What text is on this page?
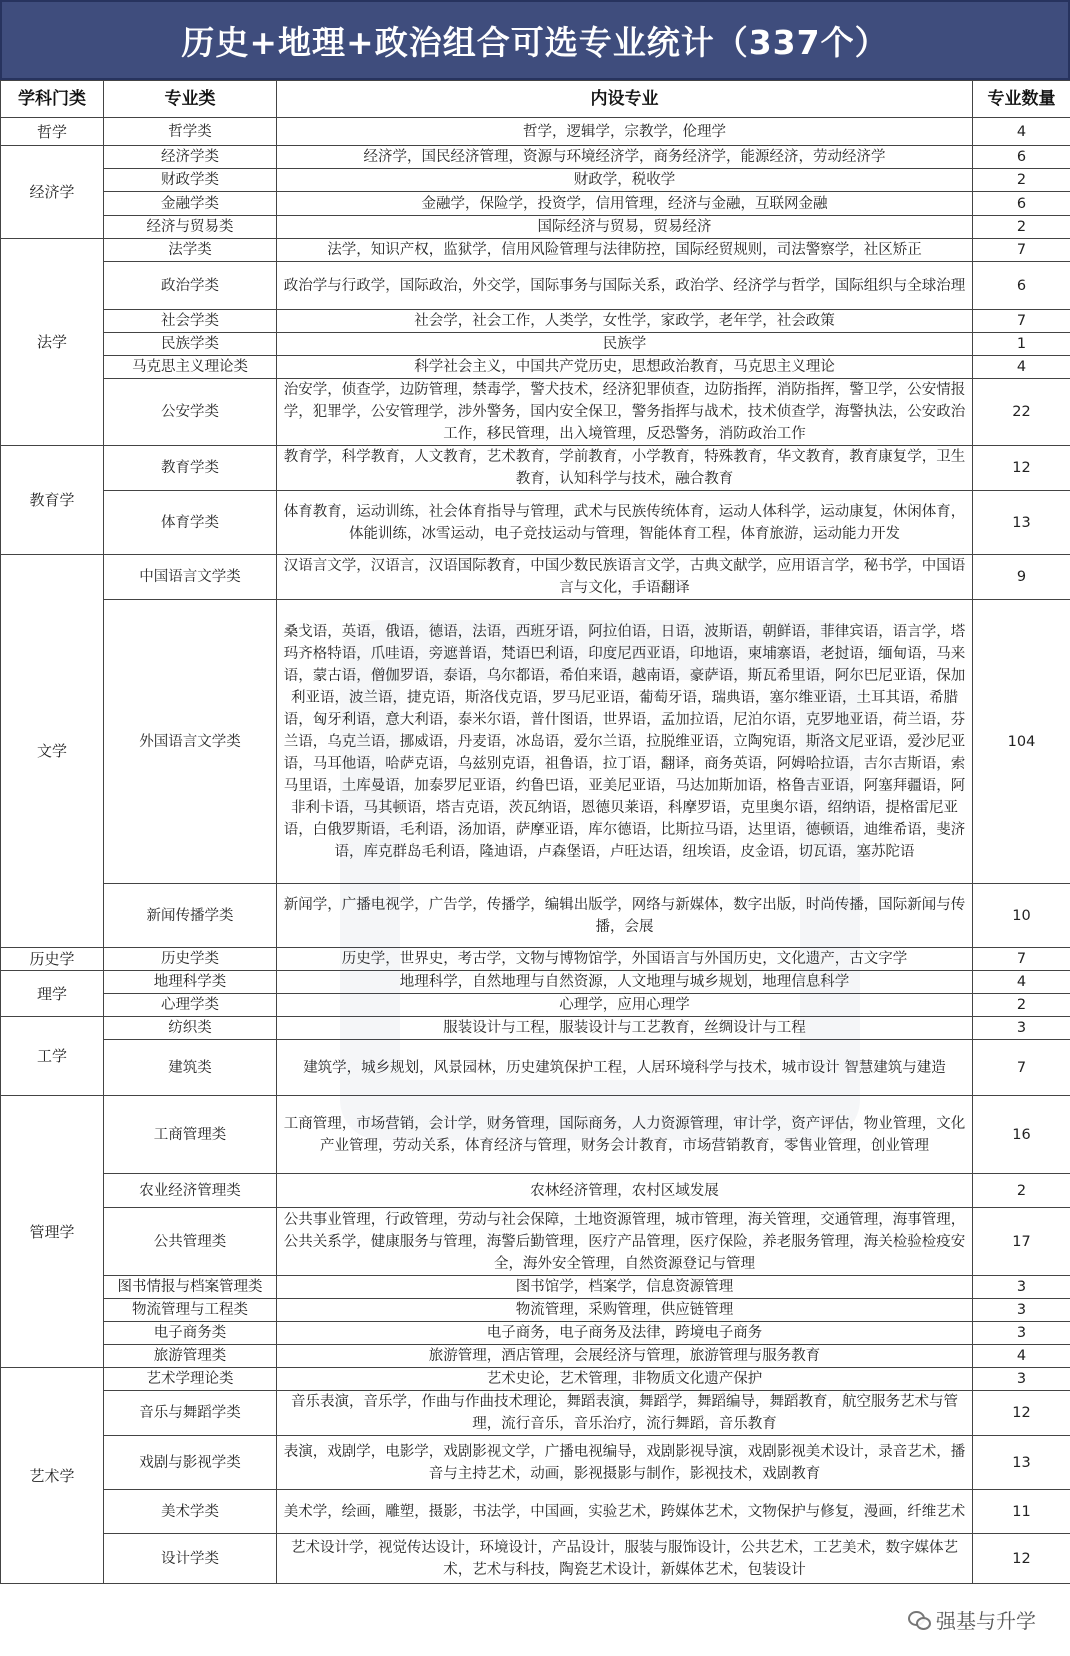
历史+地理+政治组合可选专业统计（337个）
学科门类	专业类	内设专业	专业数量
哲学	哲学类	哲学，逻辑学，宗教学，伦理学	4
经济学	经济学类	经济学，国民经济管理，资源与环境经济学，商务经济学，能源经济，劳动经济学	6
	财政学类	财政学，税收学	2
	金融学类	金融学，保险学，投资学，信用管理，经济与金融，互联网金融	6
	经济与贸易类	国际经济与贸易，贸易经济	2
法学	法学类	法学，知识产权，监狱学，信用风险管理与法律防控，国际经贸规则，司法警察学，社区矫正	7
	政治学类	政治学与行政学，国际政治，外交学，国际事务与国际关系，政治学、经济学与哲学，国际组织与全球治理	6
	社会学类	社会学，社会工作，人类学，女性学，家政学，老年学，社会政策	7
	民族学类	民族学	1
	马克思主义理论类	科学社会主义，中国共产党历史，思想政治教育，马克思主义理论	4
	公安学类	治安学，侦查学，边防管理，禁毒学，警犬技术，经济犯罪侦查，边防指挥，消防指挥，警卫学，公安情报学，犯罪学，公安管理学，涉外警务，国内安全保卫，警务指挥与战术，技术侦查学，海警执法，公安政治工作，移民管理，出入境管理，反恐警务，消防政治工作	22
教育学	教育学类	教育学，科学教育，人文教育，艺术教育，学前教育，小学教育，特殊教育，华文教育，教育康复学，卫生教育，认知科学与技术，融合教育	12
	体育学类	体育教育，运动训练，社会体育指导与管理，武术与民族传统体育，运动人体科学，运动康复，休闲体育，体能训练，冰雪运动，电子竞技运动与管理，智能体育工程，体育旅游，运动能力开发	13
文学	中国语言文学类	汉语言文学，汉语言，汉语国际教育，中国少数民族语言文学，古典文献学，应用语言学，秘书学，中国语言与文化，手语翻译	9
	外国语言文学类	桑戈语，英语，俄语，德语，法语，西班牙语，阿拉伯语，日语，波斯语，朝鲜语，菲律宾语，语言学，塔玛齐格特语，爪哇语，旁遮普语，梵语巴利语，印度尼西亚语，印地语，柬埔寨语，老挝语，缅甸语，马来语，蒙古语，僧伽罗语，泰语，乌尔都语，希伯来语，越南语，豪萨语，斯瓦希里语，阿尔巴尼亚语，保加利亚语，波兰语，捷克语，斯洛伐克语，罗马尼亚语，葡萄牙语，瑞典语，塞尔维亚语，土耳其语，希腊语，匈牙利语，意大利语，泰米尔语，普什图语，世界语，孟加拉语，尼泊尔语，克罗地亚语，荷兰语，芬兰语，乌克兰语，挪威语，丹麦语，冰岛语，爱尔兰语，拉脱维亚语，立陶宛语，斯洛文尼亚语，爱沙尼亚语，马耳他语，哈萨克语，乌兹别克语，祖鲁语，拉丁语，翻译，商务英语，阿姆哈拉语，吉尔吉斯语，索马里语，土库曼语，加泰罗尼亚语，约鲁巴语，亚美尼亚语，马达加斯加语，格鲁吉亚语，阿塞拜疆语，阿非利卡语，马其顿语，塔吉克语，茨瓦纳语，恩德贝莱语，科摩罗语，克里奥尔语，绍纳语，提格雷尼亚语，白俄罗斯语，毛利语，汤加语，萨摩亚语，库尔德语，比斯拉马语，达里语，德顿语，迪维希语，斐济语，库克群岛毛利语，隆迪语，卢森堡语，卢旺达语，纽埃语，皮金语，切瓦语，塞苏陀语	104
	新闻传播学类	新闻学，广播电视学，广告学，传播学，编辑出版学，网络与新媒体，数字出版，时尚传播，国际新闻与传播，会展	10
历史学	历史学类	历史学，世界史，考古学，文物与博物馆学，外国语言与外国历史，文化遗产，古文字学	7
理学	地理科学类	地理科学，自然地理与自然资源，人文地理与城乡规划，地理信息科学	4
	心理学类	心理学，应用心理学	2
工学	纺织类	服装设计与工程，服装设计与工艺教育，丝绸设计与工程	3
	建筑类	建筑学，城乡规划，风景园林，历史建筑保护工程，人居环境科学与技术，城市设计 智慧建筑与建造	7
管理学	工商管理类	工商管理，市场营销，会计学，财务管理，国际商务，人力资源管理，审计学，资产评估，物业管理，文化产业管理，劳动关系，体育经济与管理，财务会计教育，市场营销教育，零售业管理，创业管理	16
	农业经济管理类	农林经济管理，农村区域发展	2
	公共管理类	公共事业管理，行政管理，劳动与社会保障，土地资源管理，城市管理，海关管理，交通管理，海事管理，公共关系学，健康服务与管理，海警后勤管理，医疗产品管理，医疗保险，养老服务管理，海关检验检疫安全，海外安全管理，自然资源登记与管理	17
	图书情报与档案管理类	图书馆学，档案学，信息资源管理	3
	物流管理与工程类	物流管理，采购管理，供应链管理	3
	电子商务类	电子商务，电子商务及法律，跨境电子商务	3
	旅游管理类	旅游管理，酒店管理，会展经济与管理，旅游管理与服务教育	4
艺术学	艺术学理论类	艺术史论，艺术管理，非物质文化遗产保护	3
	音乐与舞蹈学类	音乐表演，音乐学，作曲与作曲技术理论，舞蹈表演，舞蹈学，舞蹈编导，舞蹈教育，航空服务艺术与管理，流行音乐，音乐治疗，流行舞蹈，音乐教育	12
	戏剧与影视学类	表演，戏剧学，电影学，戏剧影视文学，广播电视编导，戏剧影视导演，戏剧影视美术设计，录音艺术，播音与主持艺术，动画，影视摄影与制作，影视技术，戏剧教育	13
	美术学类	美术学，绘画，雕塑，摄影，书法学，中国画，实验艺术，跨媒体艺术，文物保护与修复，漫画，纤维艺术	11
	设计学类	艺术设计学，视觉传达设计，环境设计，产品设计，服装与服饰设计，公共艺术，工艺美术，数字媒体艺术，艺术与科技，陶瓷艺术设计，新媒体艺术，包装设计	12
强基与升学
